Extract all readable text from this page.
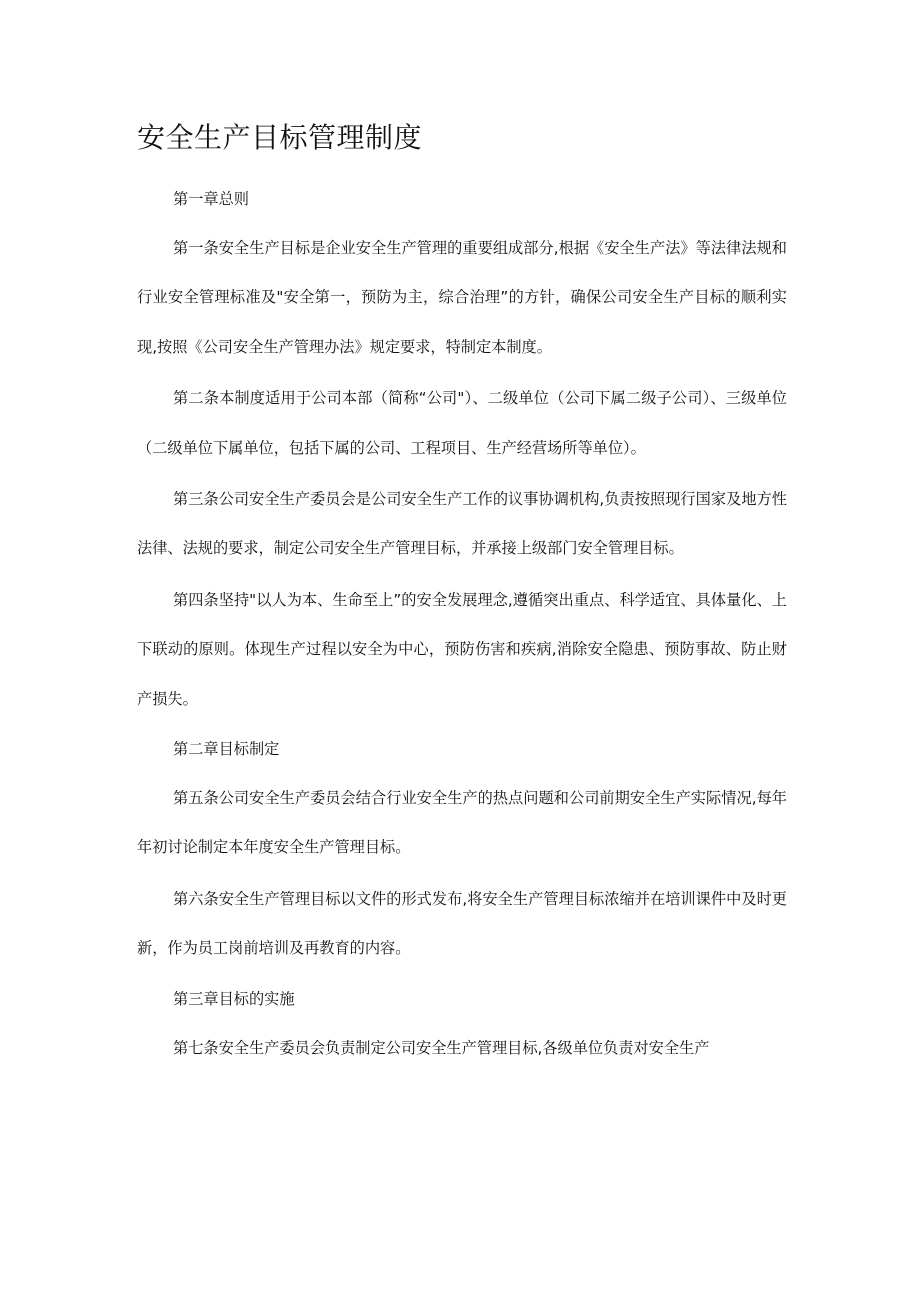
安全生产目标管理制度

第一章总则

第一条安全生产目标是企业安全生产管理的重要组成部分,根据《安全生产法》等法律法规和行业安全管理标准及"安全第一，预防为主，综合治理”的方针，确保公司安全生产目标的顺利实现,按照《公司安全生产管理办法》规定要求，特制定本制度。

第二条本制度适用于公司本部（简称“公司"）、二级单位（公司下属二级子公司）、三级单位（二级单位下属单位，包括下属的公司、工程项目、生产经营场所等单位）。

第三条公司安全生产委员会是公司安全生产工作的议事协调机构,负责按照现行国家及地方性法律、法规的要求，制定公司安全生产管理目标，并承接上级部门安全管理目标。

第四条坚持"以人为本、生命至上”的安全发展理念,遵循突出重点、科学适宜、具体量化、上下联动的原则。体现生产过程以安全为中心，预防伤害和疾病,消除安全隐患、预防事故、防止财产损失。

第二章目标制定

第五条公司安全生产委员会结合行业安全生产的热点问题和公司前期安全生产实际情况,每年年初讨论制定本年度安全生产管理目标。

第六条安全生产管理目标以文件的形式发布,将安全生产管理目标浓缩并在培训课件中及时更新，作为员工岗前培训及再教育的内容。

第三章目标的实施

第七条安全生产委员会负责制定公司安全生产管理目标,各级单位负责对安全生产
